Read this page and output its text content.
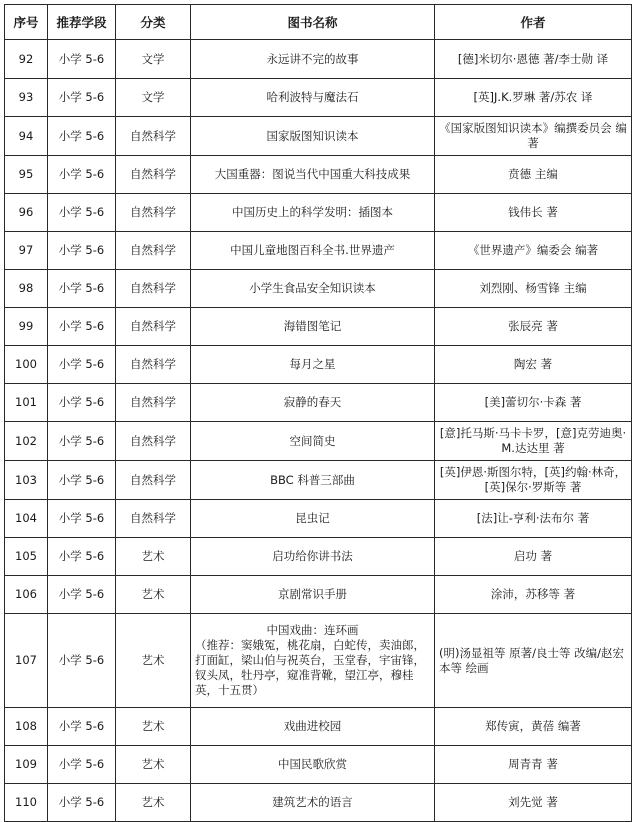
序号	推荐学段	分类	图书名称	作者
92	小学 5-6	文学	永远讲不完的故事	[德]米切尔·恩德 著/李士勋 译
93	小学 5-6	文学	哈利波特与魔法石	[英]J.K.罗琳 著/苏农 译
94	小学 5-6	自然科学	国家版图知识读本	《国家版图知识读本》编撰委员会 编著
95	小学 5-6	自然科学	大国重器：图说当代中国重大科技成果	贲德 主编
96	小学 5-6	自然科学	中国历史上的科学发明：插图本	钱伟长 著
97	小学 5-6	自然科学	中国儿童地图百科全书.世界遗产	《世界遗产》编委会 编著
98	小学 5-6	自然科学	小学生食品安全知识读本	刘烈刚、杨雪锋 主编
99	小学 5-6	自然科学	海错图笔记	张辰亮 著
100	小学 5-6	自然科学	每月之星	陶宏 著
101	小学 5-6	自然科学	寂静的春天	[美]蕾切尔·卡森 著
102	小学 5-6	自然科学	空间简史	[意]托马斯·马卡卡罗，[意]克劳迪奥·M.达达里 著
103	小学 5-6	自然科学	BBC 科普三部曲	[英]伊恩·斯图尔特，[英]约翰·林奇，[英]保尔·罗斯等 著
104	小学 5-6	自然科学	昆虫记	[法]让-亨利·法布尔 著
105	小学 5-6	艺术	启功给你讲书法	启功 著
106	小学 5-6	艺术	京剧常识手册	涂沛，苏移等 著
107	小学 5-6	艺术	中国戏曲：连环画
（推荐：窦娥冤，桃花扇，白蛇传，卖油郎，打面缸，梁山伯与祝英台，玉堂春，宇宙锋，钗头凤，牡丹亭，窥准背靴，望江亭，穆桂英，十五贯）	(明)汤显祖等 原著/良士等 改编/赵宏本等 绘画
108	小学 5-6	艺术	戏曲进校园	郑传寅，黄蓓 编著
109	小学 5-6	艺术	中国民歌欣赏	周青青 著
110	小学 5-6	艺术	建筑艺术的语言	刘先觉 著
